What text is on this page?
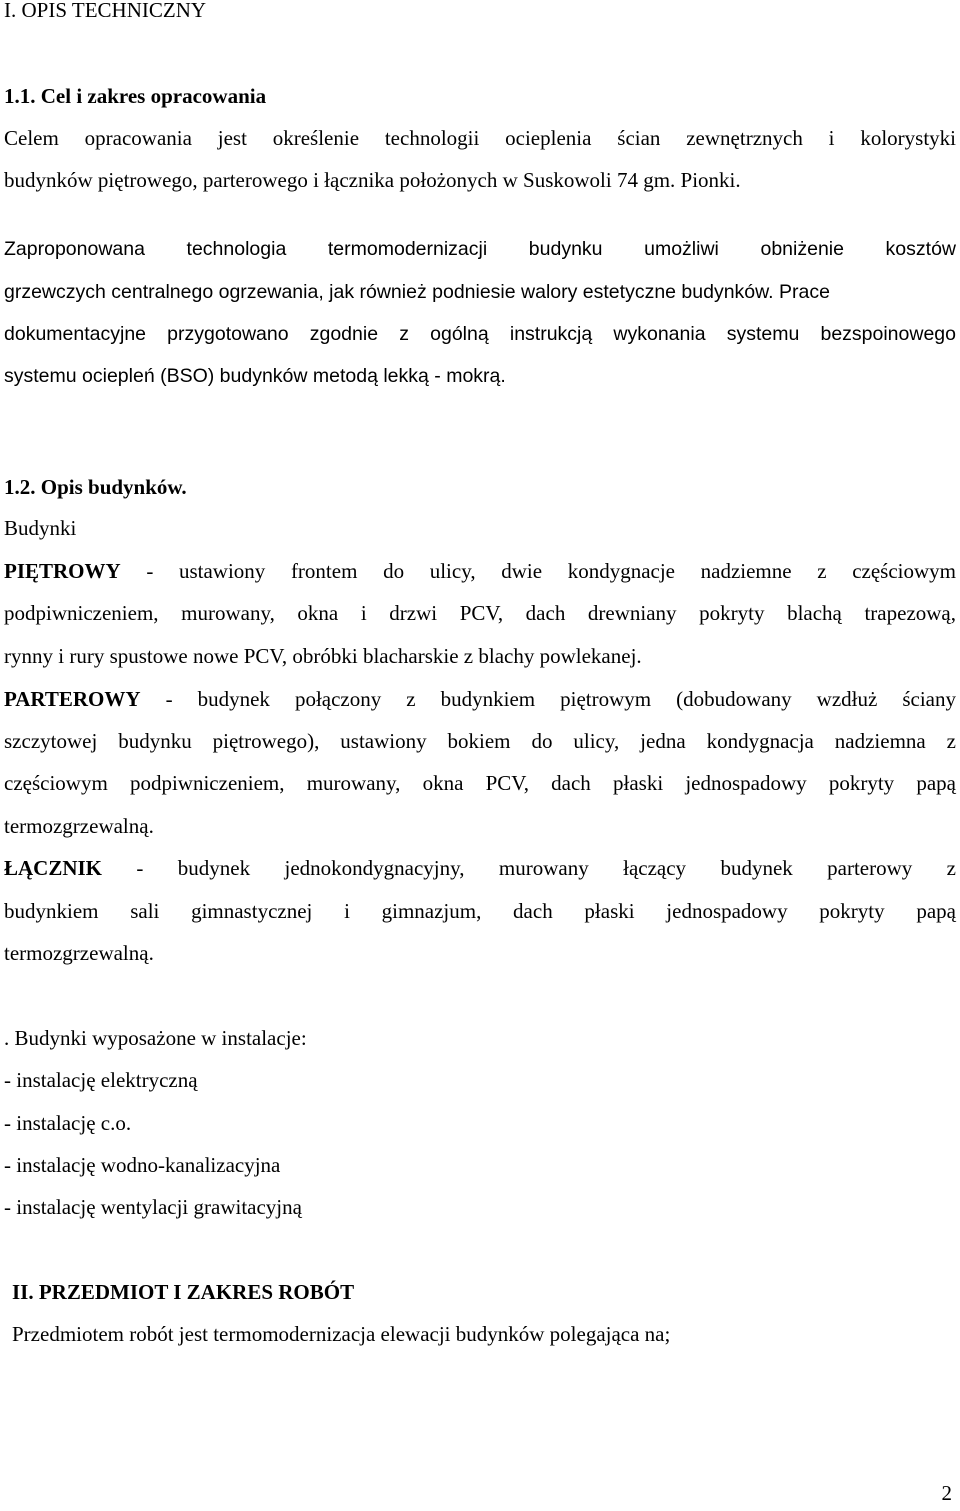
I. OPIS TECHNICZNY
1.1. Cel i zakres opracowania
Celem opracowania jest określenie technologii ocieplenia ścian zewnętrznych i kolorystyki
budynków piętrowego, parterowego i łącznika położonych w Suskowoli 74 gm. Pionki.
Zaproponowana technologia termomodernizacji budynku umożliwi obniżenie kosztów
grzewczych centralnego ogrzewania, jak również podniesie walory estetyczne budynków. Prace
dokumentacyjne przygotowano zgodnie z ogólną instrukcją wykonania systemu bezspoinowego
systemu ociepleń (BSO) budynków metodą lekką - mokrą.
1.2. Opis budynków.
Budynki
PIĘTROWY - ustawiony frontem do ulicy, dwie kondygnacje nadziemne z częściowym
podpiwniczeniem, murowany, okna i drzwi PCV, dach drewniany pokryty blachą trapezową,
rynny i rury spustowe nowe PCV, obróbki blacharskie z blachy powlekanej.
PARTEROWY - budynek połączony z budynkiem piętrowym (dobudowany wzdłuż ściany
szczytowej budynku piętrowego), ustawiony bokiem do ulicy, jedna kondygnacja nadziemna z
częściowym podpiwniczeniem, murowany, okna PCV, dach płaski jednospadowy pokryty papą
termozgrzewalną.
ŁĄCZNIK - budynek jednokondygnacyjny, murowany łączący budynek parterowy z
budynkiem sali gimnastycznej i gimnazjum, dach płaski jednospadowy pokryty papą
termozgrzewalną.
. Budynki wyposażone w instalacje:
- instalację elektryczną
- instalację c.o.
- instalację wodno-kanalizacyjna
- instalację wentylacji grawitacyjną
II. PRZEDMIOT I ZAKRES ROBÓT
Przedmiotem robót jest termomodernizacja elewacji budynków polegająca na;
2
